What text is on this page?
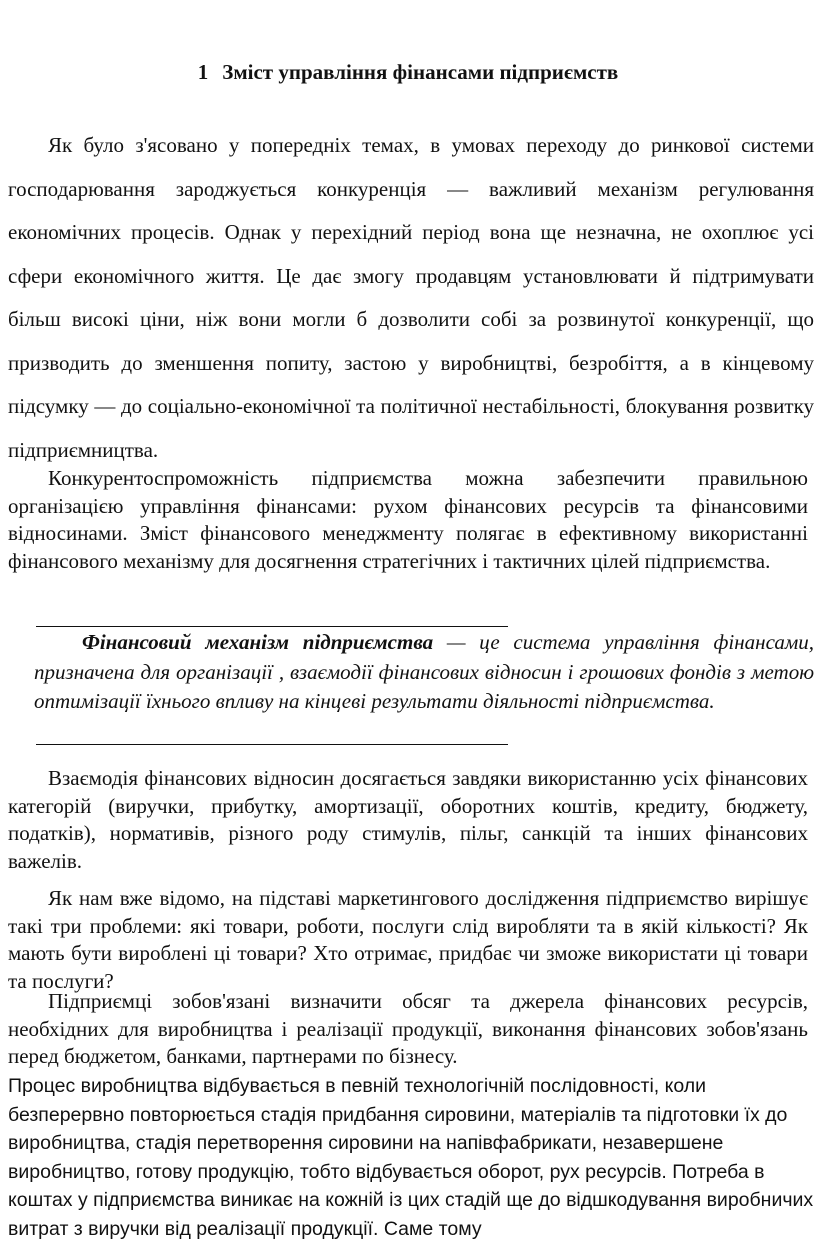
1 Зміст управління фінансами підприємств

Як було з'ясовано у попередніх темах, в умовах переходу до ринкової системи господарювання зароджується конкуренція — важливий механізм регулювання економічних процесів. Однак у перехідний період вона ще незначна, не охоплює усі сфери економічного життя. Це дає змогу продавцям установлювати й підтримувати більш високі ціни, ніж вони могли б дозволити собі за розвинутої конкуренції, що призводить до зменшення попиту, застою у виробництві, безробіття, а в кінцевому підсумку — до соціально-економічної та політичної нестабільності, блокування розвитку підприємництва.

Конкурентоспроможність підприємства можна забезпечити правильною організацією управління фінансами: рухом фінансових ресурсів та фінансовими відносинами. Зміст фінансового менеджменту полягає в ефективному використанні фінансового механізму для досягнення стратегічних і тактичних цілей підприємства.

Фінансовий механізм підприємства — це система управління фінансами, призначена для організації , взаємодії фінансових відносин і грошових фондів з метою оптимізації їхнього впливу на кінцеві результати діяльності підприємства.

Взаємодія фінансових відносин досягається завдяки використанню усіх фінансових категорій (виручки, прибутку, амортизації, оборотних коштів, кредиту, бюджету, податків), нормативів, різного роду стимулів, пільг, санкцій та інших фінансових важелів.

Як нам вже відомо, на підставі маркетингового дослідження підприємство вирішує такі три проблеми: які товари, роботи, послуги слід виробляти та в якій кількості? Як мають бути вироблені ці товари? Хто отримає, придбає чи зможе використати ці товари та послуги?

Підприємці зобов'язані визначити обсяг та джерела фінансових ресурсів, необхідних для виробництва і реалізації продукції, виконання фінансових зобов'язань перед бюджетом, банками, партнерами по бізнесу.

Процес виробництва відбувається в певній технологічній послідовності, коли безперервно повторюється стадія придбання сировини, матеріалів та підготовки їх до виробництва, стадія перетворення сировини на напівфабрикати, незавершене виробництво, готову продукцію, тобто відбувається оборот, рух ресурсів. Потреба в коштах у підприємства виникає на кожній із цих стадій ще до відшкодування виробничих витрат з виручки від реалізації продукції. Саме тому
